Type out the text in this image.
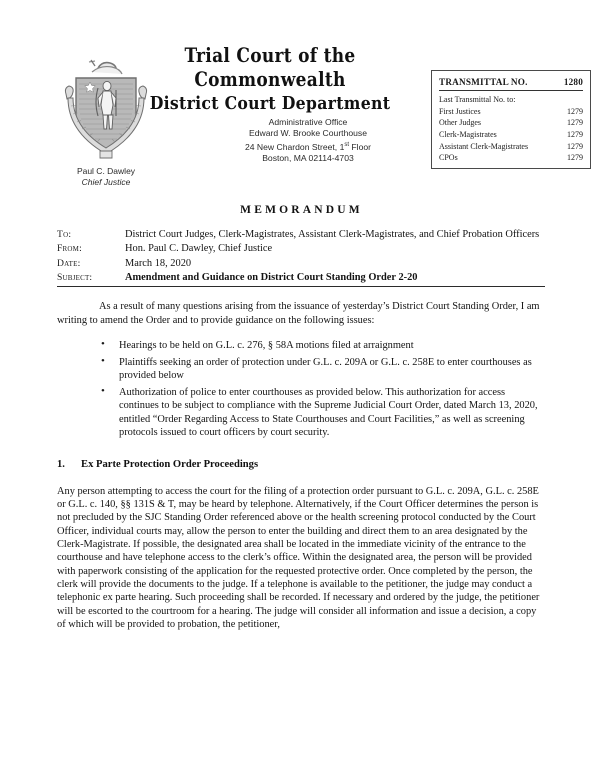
Paul C. Dawley
Chief Justice
Trial Court of the Commonwealth
District Court Department
Administrative Office
Edward W. Brooke Courthouse
24 New Chardon Street, 1st Floor
Boston, MA 02114-4703
TRANSMITTAL NO.	1280
Last Transmittal No. to:	
First Justices	1279
Other Judges	1279
Clerk-Magistrates	1279
Assistant Clerk-Magistrates	1279
CPOs	1279
MEMORANDUM
To:	District Court Judges, Clerk-Magistrates, Assistant Clerk-Magistrates, and Chief Probation Officers
From:	Hon. Paul C. Dawley, Chief Justice
Date:	March 18, 2020
Subject:	Amendment and Guidance on District Court Standing Order 2-20

As a result of many questions arising from the issuance of yesterday’s District Court Standing Order, I am writing to amend the Order and to provide guidance on the following issues:

• Hearings to be held on G.L. c. 276, § 58A motions filed at arraignment
• Plaintiffs seeking an order of protection under G.L. c. 209A or G.L. c. 258E to enter courthouses as provided below
• Authorization of police to enter courthouses as provided below. This authorization for access continues to be subject to compliance with the Supreme Judicial Court Order, dated March 13, 2020, entitled “Order Regarding Access to State Courthouses and Court Facilities,” as well as screening protocols issued to court officers by court security.
1.	Ex Parte Protection Order Proceedings

Any person attempting to access the court for the filing of a protection order pursuant to G.L. c. 209A, G.L. c. 258E or G.L. c. 140, §§ 131S & T, may be heard by telephone. Alternatively, if the Court Officer determines the person is not precluded by the SJC Standing Order referenced above or the health screening protocol conducted by the Court Officer, individual courts may, allow the person to enter the building and direct them to an area designated by the Clerk-Magistrate. If possible, the designated area shall be located in the immediate vicinity of the entrance to the courthouse and have telephone access to the clerk’s office. Within the designated area, the person will be provided with paperwork consisting of the application for the requested protective order. Once completed by the person, the clerk will provide the documents to the judge. If a telephone is available to the petitioner, the judge may conduct a telephonic ex parte hearing. Such proceeding shall be recorded. If necessary and ordered by the judge, the petitioner will be escorted to the courtroom for a hearing. The judge will consider all information and issue a decision, a copy of which will be provided to probation, the petitioner,
